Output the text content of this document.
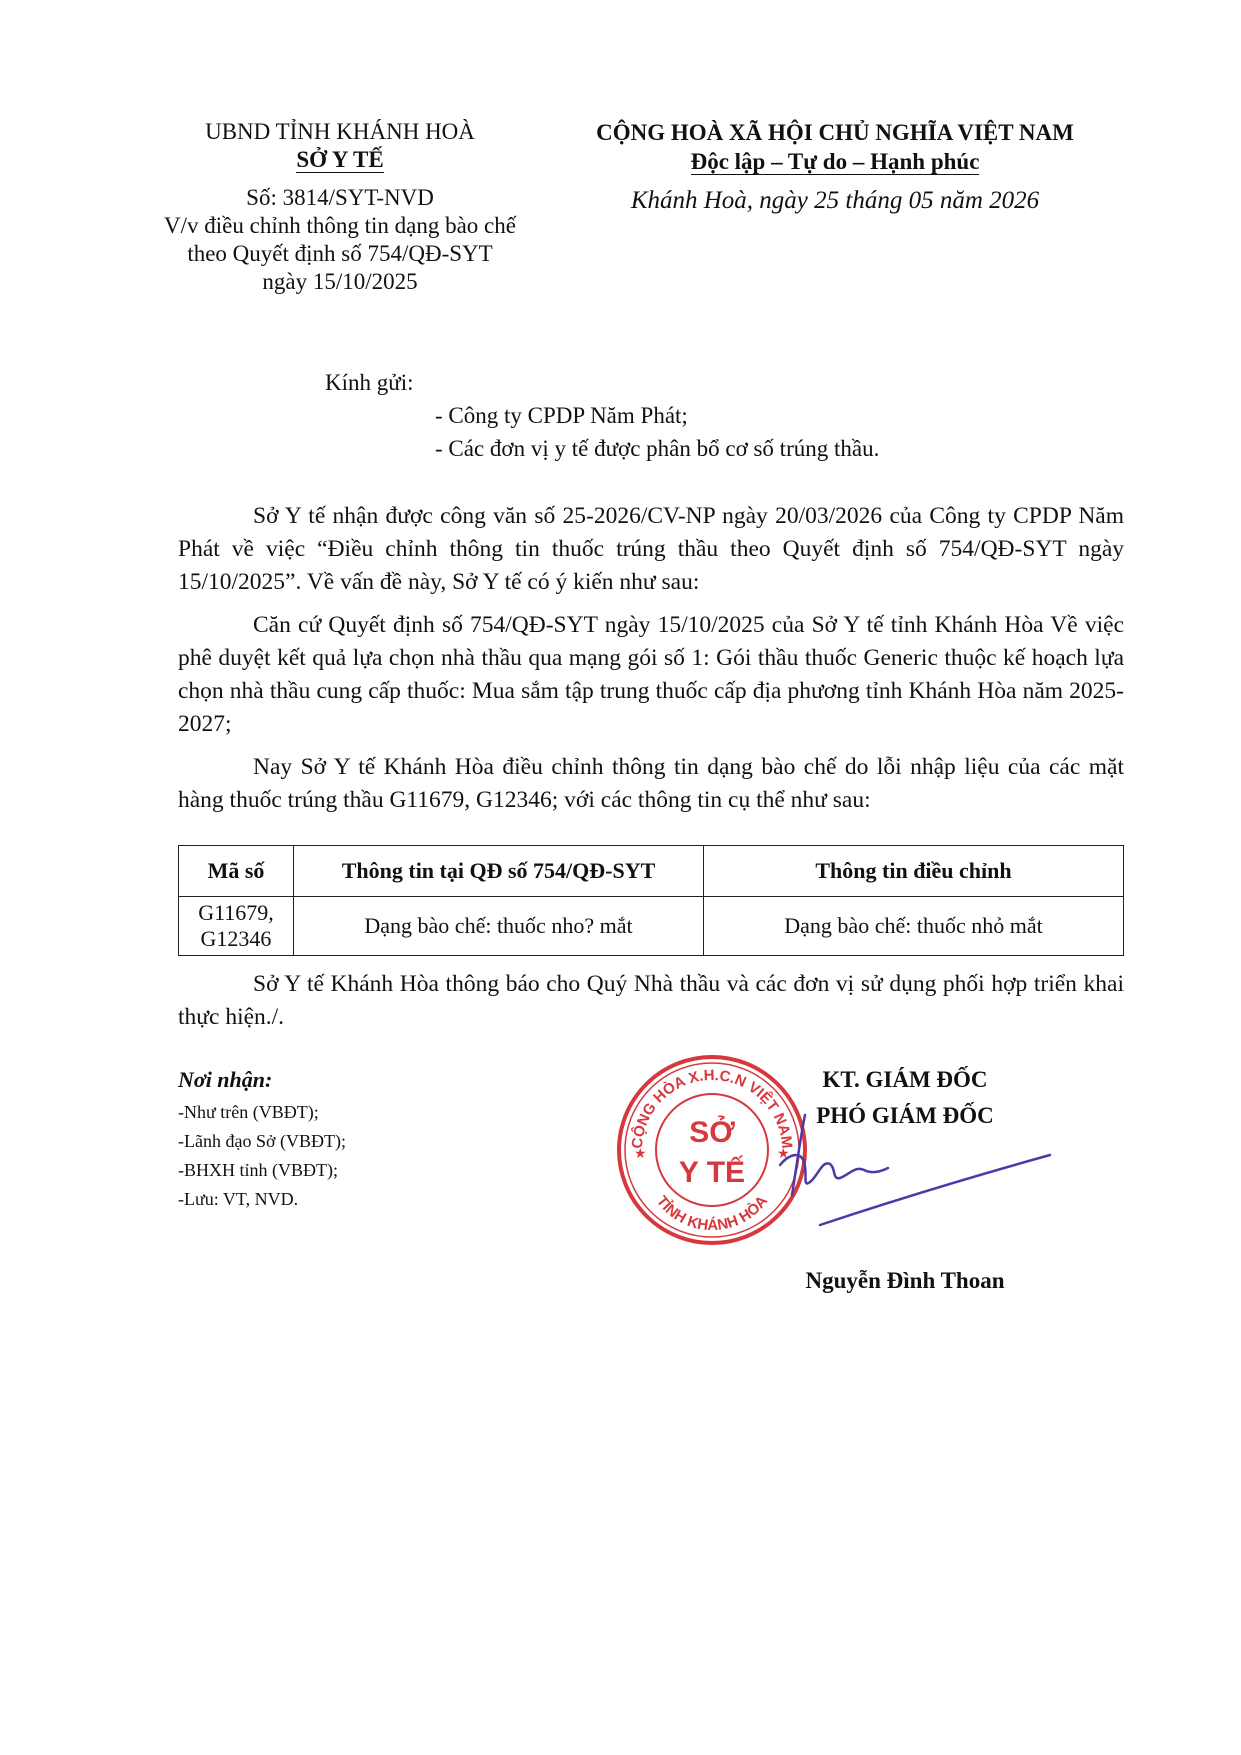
UBND TỈNH KHÁNH HOÀ
SỞ Y TẾ
Số: 3814/SYT-NVD
V/v điều chỉnh thông tin dạng bào chế
theo Quyết định số 754/QĐ-SYT
ngày 15/10/2025
CỘNG HOÀ XÃ HỘI CHỦ NGHĨA VIỆT NAM
Độc lập – Tự do – Hạnh phúc
Khánh Hoà, ngày 25 tháng 05 năm 2026
Kính gửi:
- Công ty CPDP Năm Phát;
- Các đơn vị y tế được phân bổ cơ số trúng thầu.

Sở Y tế nhận được công văn số 25-2026/CV-NP ngày 20/03/2026 của Công ty CPDP Năm Phát về việc “Điều chỉnh thông tin thuốc trúng thầu theo Quyết định số 754/QĐ-SYT ngày 15/10/2025”. Về vấn đề này, Sở Y tế có ý kiến như sau:

Căn cứ Quyết định số 754/QĐ-SYT ngày 15/10/2025 của Sở Y tế tỉnh Khánh Hòa Về việc phê duyệt kết quả lựa chọn nhà thầu qua mạng gói số 1: Gói thầu thuốc Generic thuộc kế hoạch lựa chọn nhà thầu cung cấp thuốc: Mua sắm tập trung thuốc cấp địa phương tỉnh Khánh Hòa năm 2025-2027;

Nay Sở Y tế Khánh Hòa điều chỉnh thông tin dạng bào chế do lỗi nhập liệu của các mặt hàng thuốc trúng thầu G11679, G12346; với các thông tin cụ thể như sau:

Mã số	Thông tin tại QĐ số 754/QĐ-SYT	Thông tin điều chỉnh
G11679, G12346	Dạng bào chế: thuốc nho? mắt	Dạng bào chế: thuốc nhỏ mắt

Sở Y tế Khánh Hòa thông báo cho Quý Nhà thầu và các đơn vị sử dụng phối hợp triển khai thực hiện./.

Nơi nhận:
-Như trên (VBĐT);
-Lãnh đạo Sở (VBĐT);
-BHXH tỉnh (VBĐT);
-Lưu: VT, NVD.
CỘNG HÒA X.H.C.N VIỆT NAM
TỈNH KHÁNH HÒA
SỞ
Y TẾ
★	★
KT. GIÁM ĐỐC
PHÓ GIÁM ĐỐC
Nguyễn Đình Thoan
